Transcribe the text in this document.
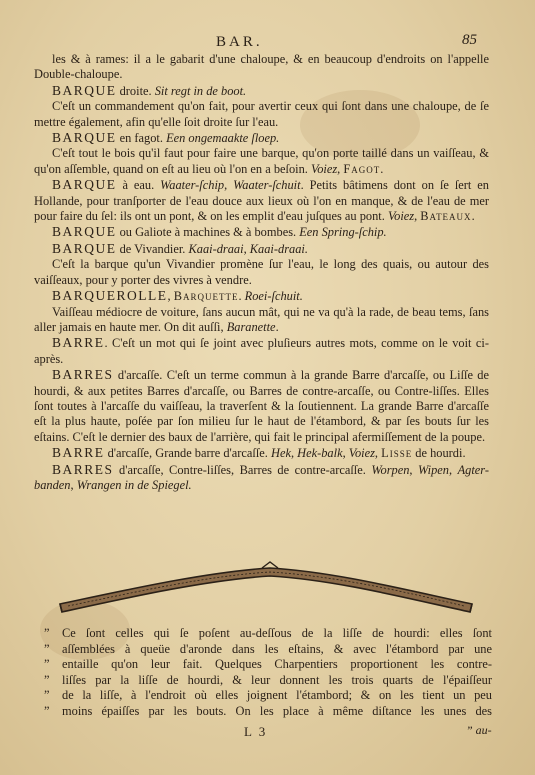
BAR.	85

les & à rames: il a le gabarit d'une chaloupe, & en beaucoup d'endroits on l'appelle Double-chaloupe.

BARQUE droite. Sit regt in de boot.

C'eſt un commandement qu'on fait, pour avertir ceux qui ſont dans une chaloupe, de ſe mettre également, afin qu'elle ſoit droite ſur l'eau.

BARQUE en fagot. Een ongemaakte ſloep.

C'eſt tout le bois qu'il faut pour faire une barque, qu'on porte taillé dans un vaiſſeau, & qu'on aſſemble, quand on eſt au lieu où l'on en a beſoin. Voiez, Fagot.

BARQUE à eau. Waater-ſchip, Waater-ſchuit. Petits bâtimens dont on ſe ſert en Hollande, pour tranſporter de l'eau douce aux lieux où l'on en manque, & de l'eau de mer pour faire du ſel: ils ont un pont, & on les emplit d'eau juſques au pont. Voiez, Bateaux.

BARQUE ou Galiote à machines & à bombes. Een Spring-ſchip.

BARQUE de Vivandier. Kaai-draai, Kaai-draai.

C'eſt la barque qu'un Vivandier promène ſur l'eau, le long des quais, ou autour des vaiſſeaux, pour y porter des vivres à vendre.

BARQUEROLLE, Barquette. Roei-ſchuit.

Vaiſſeau médiocre de voiture, ſans aucun mât, qui ne va qu'à la rade, de beau tems, ſans aller jamais en haute mer. On dit auſſi, Baranette.

BARRE. C'eſt un mot qui ſe joint avec pluſieurs autres mots, comme on le voit ci-après.

BARRES d'arcaſſe. C'eſt un terme commun à la grande Barre d'arcaſſe, ou Liſſe de hourdi, & aux petites Barres d'arcaſſe, ou Barres de contre-arcaſſe, ou Contre-liſſes. Elles ſont toutes à l'arcaſſe du vaiſſeau, la traverſent & la ſoutiennent. La grande Barre d'arcaſſe eſt la plus haute, poſée par ſon milieu ſur le haut de l'étambord, & par ſes bouts ſur les eſtains. C'eſt le dernier des baux de l'arrière, qui fait le principal afermiſſement de la poupe.

BARRE d'arcaſſe, Grande barre d'arcaſſe. Hek, Hek-balk, Voiez, Lisse de hourdi.

BARRES d'arcaſſe, Contre-liſſes, Barres de contre-arcaſſe. Worpen, Wipen, Agter-banden, Wrangen in de Spiegel.

”	Ce ſont celles qui ſe poſent au-deſſous de la liſſe de hourdi: elles ſont
”	aſſemblées à queüe d'aronde dans les eſtains, & avec l'étambord par une
”	entaille qu'on leur fait. Quelques Charpentiers proportionent les contre-
”	liſſes par la liſſe de hourdi, & leur donnent les trois quarts de l'épaiſſeur
”	de la liſſe, à l'endroit où elles joignent l'étambord; & on les tient un peu
”	moins épaiſſes par les bouts. On les place à même diſtance les unes des
L 3	” au-
